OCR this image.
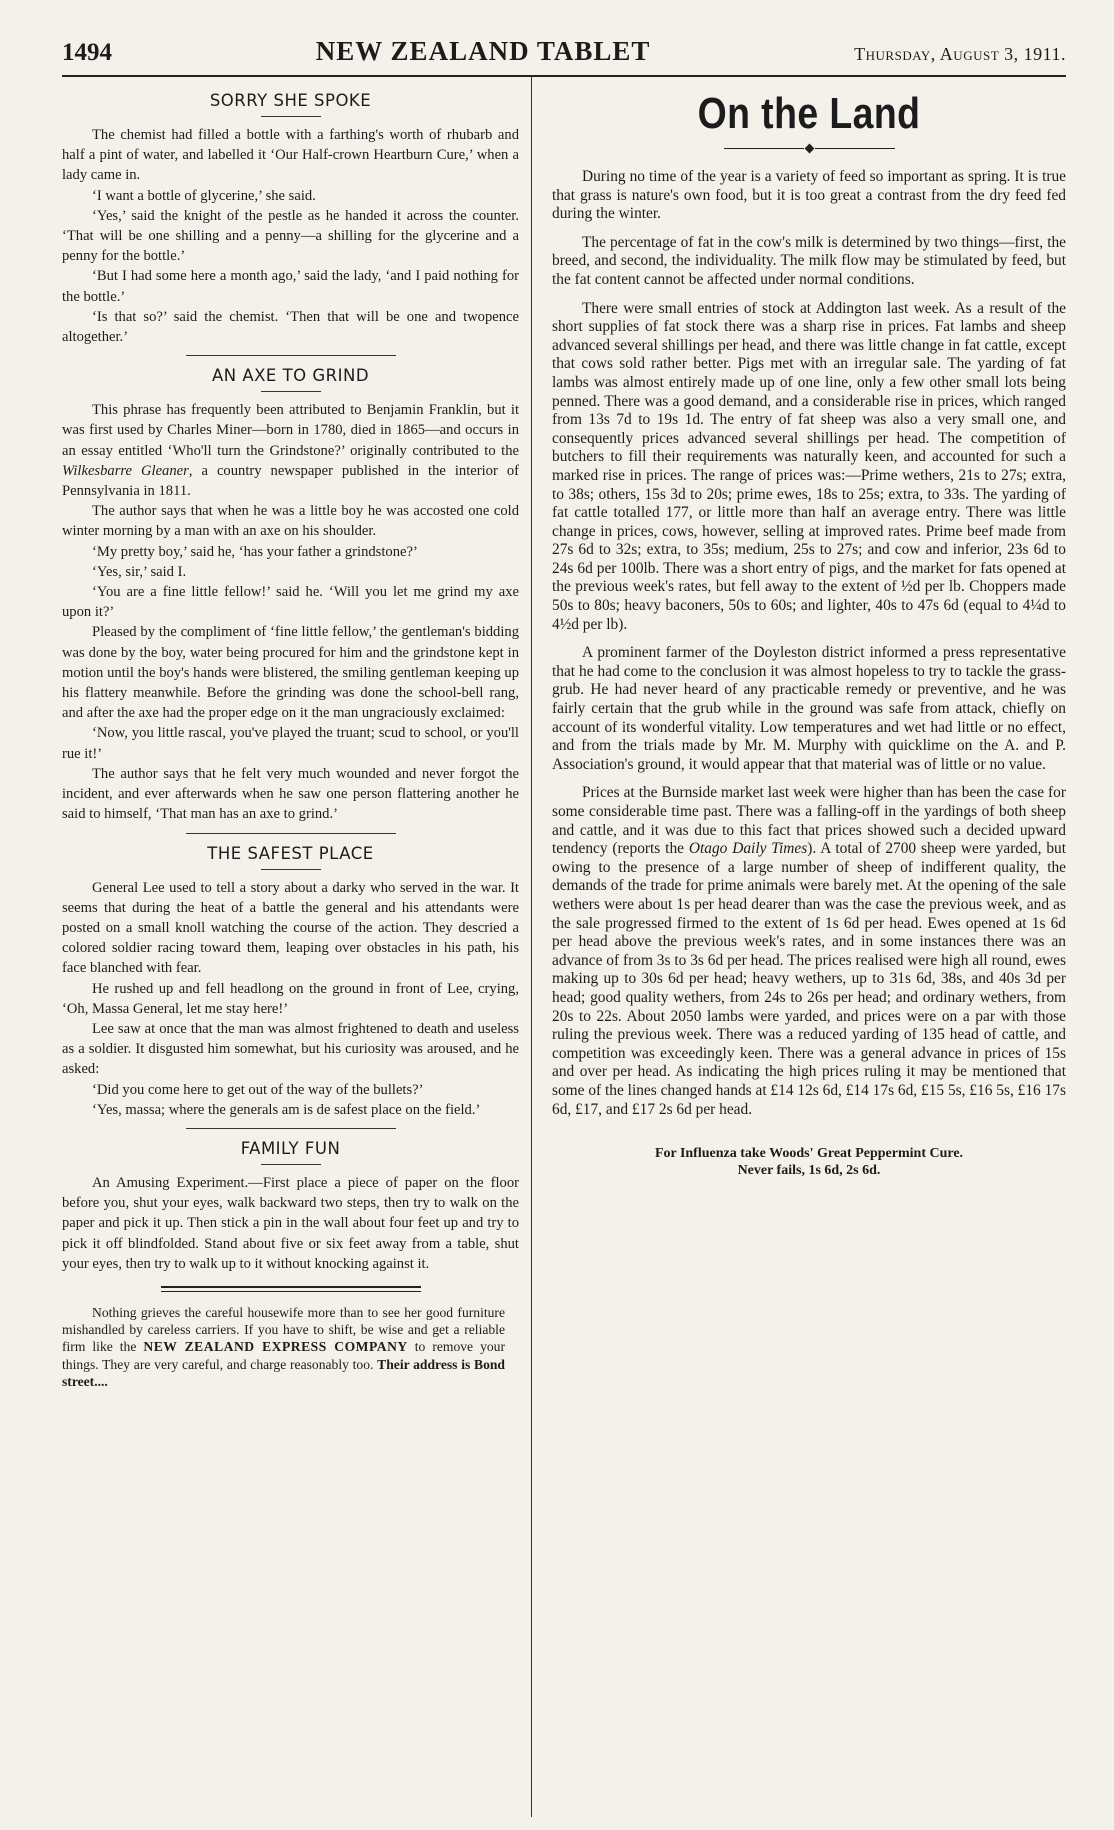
1494	NEW ZEALAND TABLET	Thursday, August 3, 1911.
SORRY SHE SPOKE

The chemist had filled a bottle with a farthing's worth of rhubarb and half a pint of water, and labelled it ‘Our Half-crown Heartburn Cure,’ when a lady came in.

‘I want a bottle of glycerine,’ she said.

‘Yes,’ said the knight of the pestle as he handed it across the counter. ‘That will be one shilling and a penny—a shilling for the glycerine and a penny for the bottle.’

‘But I had some here a month ago,’ said the lady, ‘and I paid nothing for the bottle.’

‘Is that so?’ said the chemist. ‘Then that will be one and twopence altogether.’

AN AXE TO GRIND

This phrase has frequently been attributed to Benjamin Franklin, but it was first used by Charles Miner—born in 1780, died in 1865—and occurs in an essay entitled ‘Who'll turn the Grindstone?’ originally contributed to the Wilkesbarre Gleaner, a country newspaper published in the interior of Pennsylvania in 1811.

The author says that when he was a little boy he was accosted one cold winter morning by a man with an axe on his shoulder.

‘My pretty boy,’ said he, ‘has your father a grindstone?’

‘Yes, sir,’ said I.

‘You are a fine little fellow!’ said he. ‘Will you let me grind my axe upon it?’

Pleased by the compliment of ‘fine little fellow,’ the gentleman's bidding was done by the boy, water being procured for him and the grindstone kept in motion until the boy's hands were blistered, the smiling gentleman keeping up his flattery meanwhile. Before the grinding was done the school-bell rang, and after the axe had the proper edge on it the man ungraciously exclaimed:

‘Now, you little rascal, you've played the truant; scud to school, or you'll rue it!’

The author says that he felt very much wounded and never forgot the incident, and ever afterwards when he saw one person flattering another he said to himself, ‘That man has an axe to grind.’

THE SAFEST PLACE

General Lee used to tell a story about a darky who served in the war. It seems that during the heat of a battle the general and his attendants were posted on a small knoll watching the course of the action. They descried a colored soldier racing toward them, leaping over obstacles in his path, his face blanched with fear.

He rushed up and fell headlong on the ground in front of Lee, crying, ‘Oh, Massa General, let me stay here!’

Lee saw at once that the man was almost frightened to death and useless as a soldier. It disgusted him somewhat, but his curiosity was aroused, and he asked:

‘Did you come here to get out of the way of the bullets?’

‘Yes, massa; where the generals am is de safest place on the field.’

FAMILY FUN

An Amusing Experiment.—First place a piece of paper on the floor before you, shut your eyes, walk backward two steps, then try to walk on the paper and pick it up. Then stick a pin in the wall about four feet up and try to pick it off blindfolded. Stand about five or six feet away from a table, shut your eyes, then try to walk up to it without knocking against it.

Nothing grieves the careful housewife more than to see her good furniture mishandled by careless carriers. If you have to shift, be wise and get a reliable firm like the NEW ZEALAND EXPRESS COMPANY to remove your things. They are very careful, and charge reasonably too. Their address is Bond street....

On the Land

During no time of the year is a variety of feed so important as spring. It is true that grass is nature's own food, but it is too great a contrast from the dry feed fed during the winter.

The percentage of fat in the cow's milk is determined by two things—first, the breed, and second, the individuality. The milk flow may be stimulated by feed, but the fat content cannot be affected under normal conditions.

There were small entries of stock at Addington last week. As a result of the short supplies of fat stock there was a sharp rise in prices. Fat lambs and sheep advanced several shillings per head, and there was little change in fat cattle, except that cows sold rather better. Pigs met with an irregular sale. The yarding of fat lambs was almost entirely made up of one line, only a few other small lots being penned. There was a good demand, and a considerable rise in prices, which ranged from 13s 7d to 19s 1d. The entry of fat sheep was also a very small one, and consequently prices advanced several shillings per head. The competition of butchers to fill their requirements was naturally keen, and accounted for such a marked rise in prices. The range of prices was:—Prime wethers, 21s to 27s; extra, to 38s; others, 15s 3d to 20s; prime ewes, 18s to 25s; extra, to 33s. The yarding of fat cattle totalled 177, or little more than half an average entry. There was little change in prices, cows, however, selling at improved rates. Prime beef made from 27s 6d to 32s; extra, to 35s; medium, 25s to 27s; and cow and inferior, 23s 6d to 24s 6d per 100lb. There was a short entry of pigs, and the market for fats opened at the previous week's rates, but fell away to the extent of ½d per lb. Choppers made 50s to 80s; heavy baconers, 50s to 60s; and lighter, 40s to 47s 6d (equal to 4¼d to 4½d per lb).

A prominent farmer of the Doyleston district informed a press representative that he had come to the conclusion it was almost hopeless to try to tackle the grass-grub. He had never heard of any practicable remedy or preventive, and he was fairly certain that the grub while in the ground was safe from attack, chiefly on account of its wonderful vitality. Low temperatures and wet had little or no effect, and from the trials made by Mr. M. Murphy with quicklime on the A. and P. Association's ground, it would appear that that material was of little or no value.

Prices at the Burnside market last week were higher than has been the case for some considerable time past. There was a falling-off in the yardings of both sheep and cattle, and it was due to this fact that prices showed such a decided upward tendency (reports the Otago Daily Times). A total of 2700 sheep were yarded, but owing to the presence of a large number of sheep of indifferent quality, the demands of the trade for prime animals were barely met. At the opening of the sale wethers were about 1s per head dearer than was the case the previous week, and as the sale progressed firmed to the extent of 1s 6d per head. Ewes opened at 1s 6d per head above the previous week's rates, and in some instances there was an advance of from 3s to 3s 6d per head. The prices realised were high all round, ewes making up to 30s 6d per head; heavy wethers, up to 31s 6d, 38s, and 40s 3d per head; good quality wethers, from 24s to 26s per head; and ordinary wethers, from 20s to 22s. About 2050 lambs were yarded, and prices were on a par with those ruling the previous week. There was a reduced yarding of 135 head of cattle, and competition was exceedingly keen. There was a general advance in prices of 15s and over per head. As indicating the high prices ruling it may be mentioned that some of the lines changed hands at £14 12s 6d, £14 17s 6d, £15 5s, £16 5s, £16 17s 6d, £17, and £17 2s 6d per head.

For Influenza take Woods' Great Peppermint Cure.
Never fails, 1s 6d, 2s 6d.
